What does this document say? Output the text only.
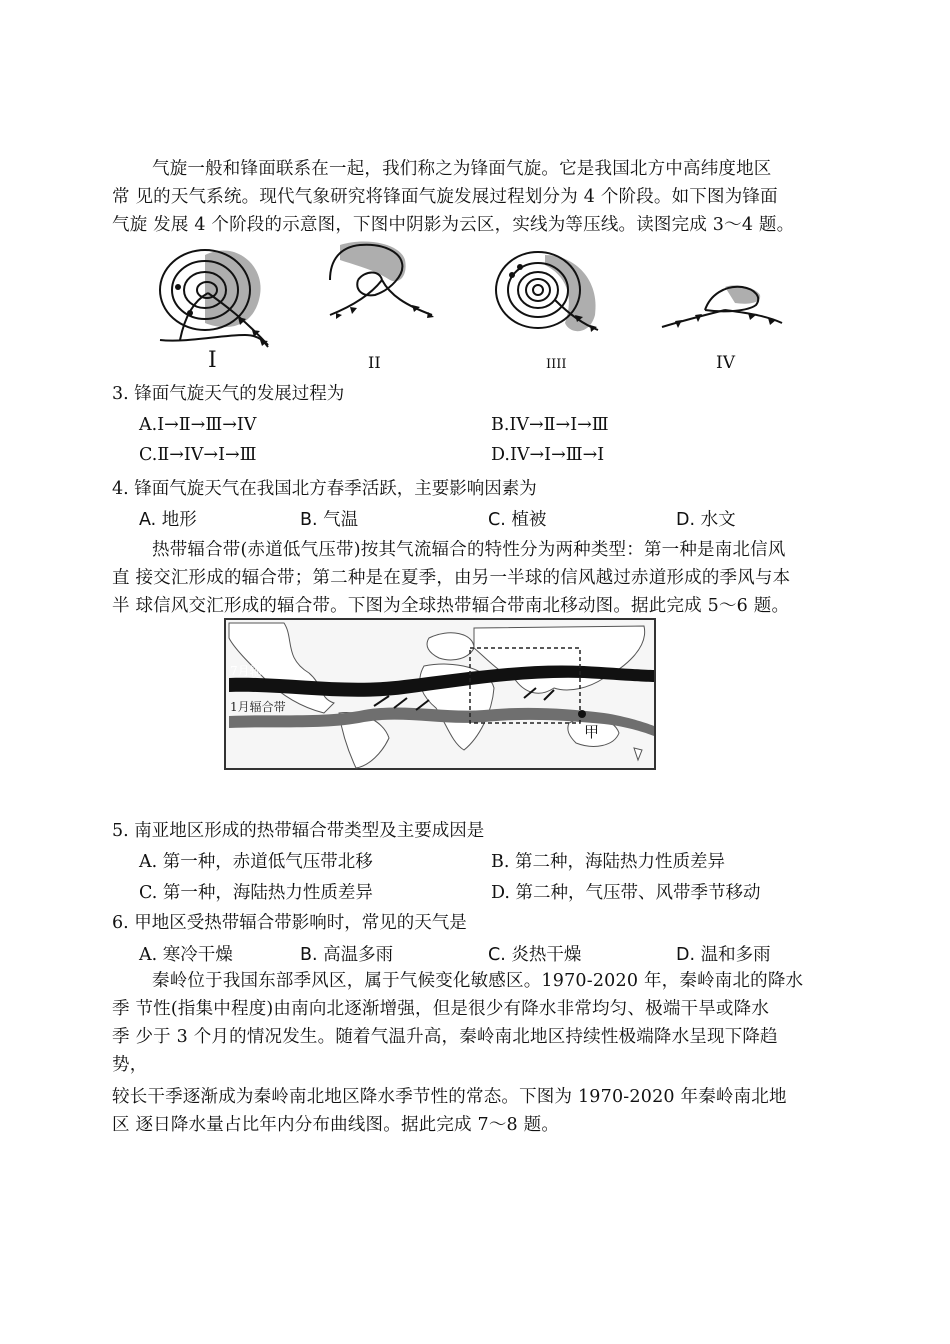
气旋一般和锋面联系在一起，我们称之为锋面气旋。它是我国北方中高纬度地区
常 见的天气系统。现代气象研究将锋面气旋发展过程划分为 4 个阶段。如下图为锋面
气旋 发展 4 个阶段的示意图，下图中阴影为云区，实线为等压线。读图完成 3～4 题。
I	II	IIII	IV
3. 锋面气旋天气的发展过程为
A.I→Ⅱ→Ⅲ→IV	B.IV→Ⅱ→I→Ⅲ
C.Ⅱ→IV→I→Ⅲ	D.IV→I→Ⅲ→I
4. 锋面气旋天气在我国北方春季活跃，主要影响因素为
A. 地形	B. 气温	C. 植被	D. 水文
热带辐合带(赤道低气压带)按其气流辐合的特性分为两种类型：第一种是南北信风
直 接交汇形成的辐合带；第二种是在夏季，由另一半球的信风越过赤道形成的季风与本
半 球信风交汇形成的辐合带。下图为全球热带辐合带南北移动图。据此完成 5～6 题。
7月辐合带
1月辐合带
甲
5. 南亚地区形成的热带辐合带类型及主要成因是
A. 第一种，赤道低气压带北移	B. 第二种，海陆热力性质差异
C. 第一种，海陆热力性质差异	D. 第二种，气压带、风带季节移动
6. 甲地区受热带辐合带影响时，常见的天气是
A. 寒冷干燥	B. 高温多雨	C. 炎热干燥	D. 温和多雨
秦岭位于我国东部季风区，属于气候变化敏感区。1970-2020 年，秦岭南北的降水
季 节性(指集中程度)由南向北逐渐增强，但是很少有降水非常均匀、极端干旱或降水
季 少于 3 个月的情况发生。随着气温升高，秦岭南北地区持续性极端降水呈现下降趋
势，
较长干季逐渐成为秦岭南北地区降水季节性的常态。下图为 1970-2020 年秦岭南北地
区 逐日降水量占比年内分布曲线图。据此完成 7～8 题。
